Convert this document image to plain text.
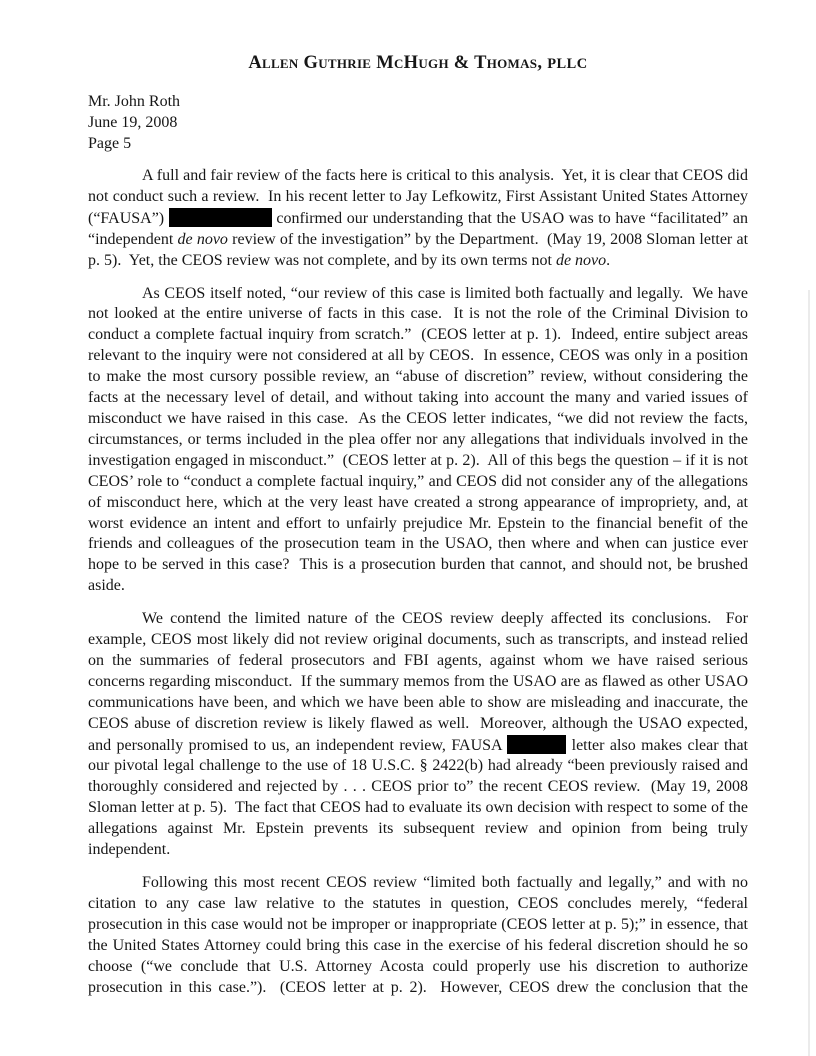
Allen Guthrie McHugh & Thomas, PLLC
Mr. John Roth
June 19, 2008
Page 5
A full and fair review of the facts here is critical to this analysis.  Yet, it is clear that CEOS did not conduct such a review.  In his recent letter to Jay Lefkowitz, First Assistant United States Attorney (“FAUSA”)	confirmed our understanding that the USAO was to have “facilitated” an “independent de novo review of the investigation” by the Department.  (May 19, 2008 Sloman letter at p. 5).  Yet, the CEOS review was not complete, and by its own terms not de novo.
As CEOS itself noted, “our review of this case is limited both factually and legally.  We have not looked at the entire universe of facts in this case.  It is not the role of the Criminal Division to conduct a complete factual inquiry from scratch.”  (CEOS letter at p. 1).  Indeed, entire subject areas relevant to the inquiry were not considered at all by CEOS.  In essence, CEOS was only in a position to make the most cursory possible review, an “abuse of discretion” review, without considering the facts at the necessary level of detail, and without taking into account the many and varied issues of misconduct we have raised in this case.  As the CEOS letter indicates, “we did not review the facts, circumstances, or terms included in the plea offer nor any allegations that individuals involved in the investigation engaged in misconduct.”  (CEOS letter at p. 2).  All of this begs the question – if it is not CEOS’ role to “conduct a complete factual inquiry,” and CEOS did not consider any of the allegations of misconduct here, which at the very least have created a strong appearance of impropriety, and, at worst evidence an intent and effort to unfairly prejudice Mr. Epstein to the financial benefit of the friends and colleagues of the prosecution team in the USAO, then where and when can justice ever hope to be served in this case?  This is a prosecution burden that cannot, and should not, be brushed aside.
We contend the limited nature of the CEOS review deeply affected its conclusions.  For example, CEOS most likely did not review original documents, such as transcripts, and instead relied on the summaries of federal prosecutors and FBI agents, against whom we have raised serious concerns regarding misconduct.  If the summary memos from the USAO are as flawed as other USAO communications have been, and which we have been able to show are misleading and inaccurate, the CEOS abuse of discretion review is likely flawed as well.  Moreover, although the USAO expected, and personally promised to us, an independent review, FAUSA	letter also makes clear that our pivotal legal challenge to the use of 18 U.S.C. § 2422(b) had already “been previously raised and thoroughly considered and rejected by . . . CEOS prior to” the recent CEOS review.  (May 19, 2008 Sloman letter at p. 5).  The fact that CEOS had to evaluate its own decision with respect to some of the allegations against Mr. Epstein prevents its subsequent review and opinion from being truly independent.
Following this most recent CEOS review “limited both factually and legally,” and with no citation to any case law relative to the statutes in question, CEOS concludes merely, “federal prosecution in this case would not be improper or inappropriate (CEOS letter at p. 5);” in essence, that the United States Attorney could bring this case in the exercise of his federal discretion should he so choose (“we conclude that U.S. Attorney Acosta could properly use his discretion to authorize prosecution in this case.”).  (CEOS letter at p. 2).  However, CEOS drew the conclusion that the
